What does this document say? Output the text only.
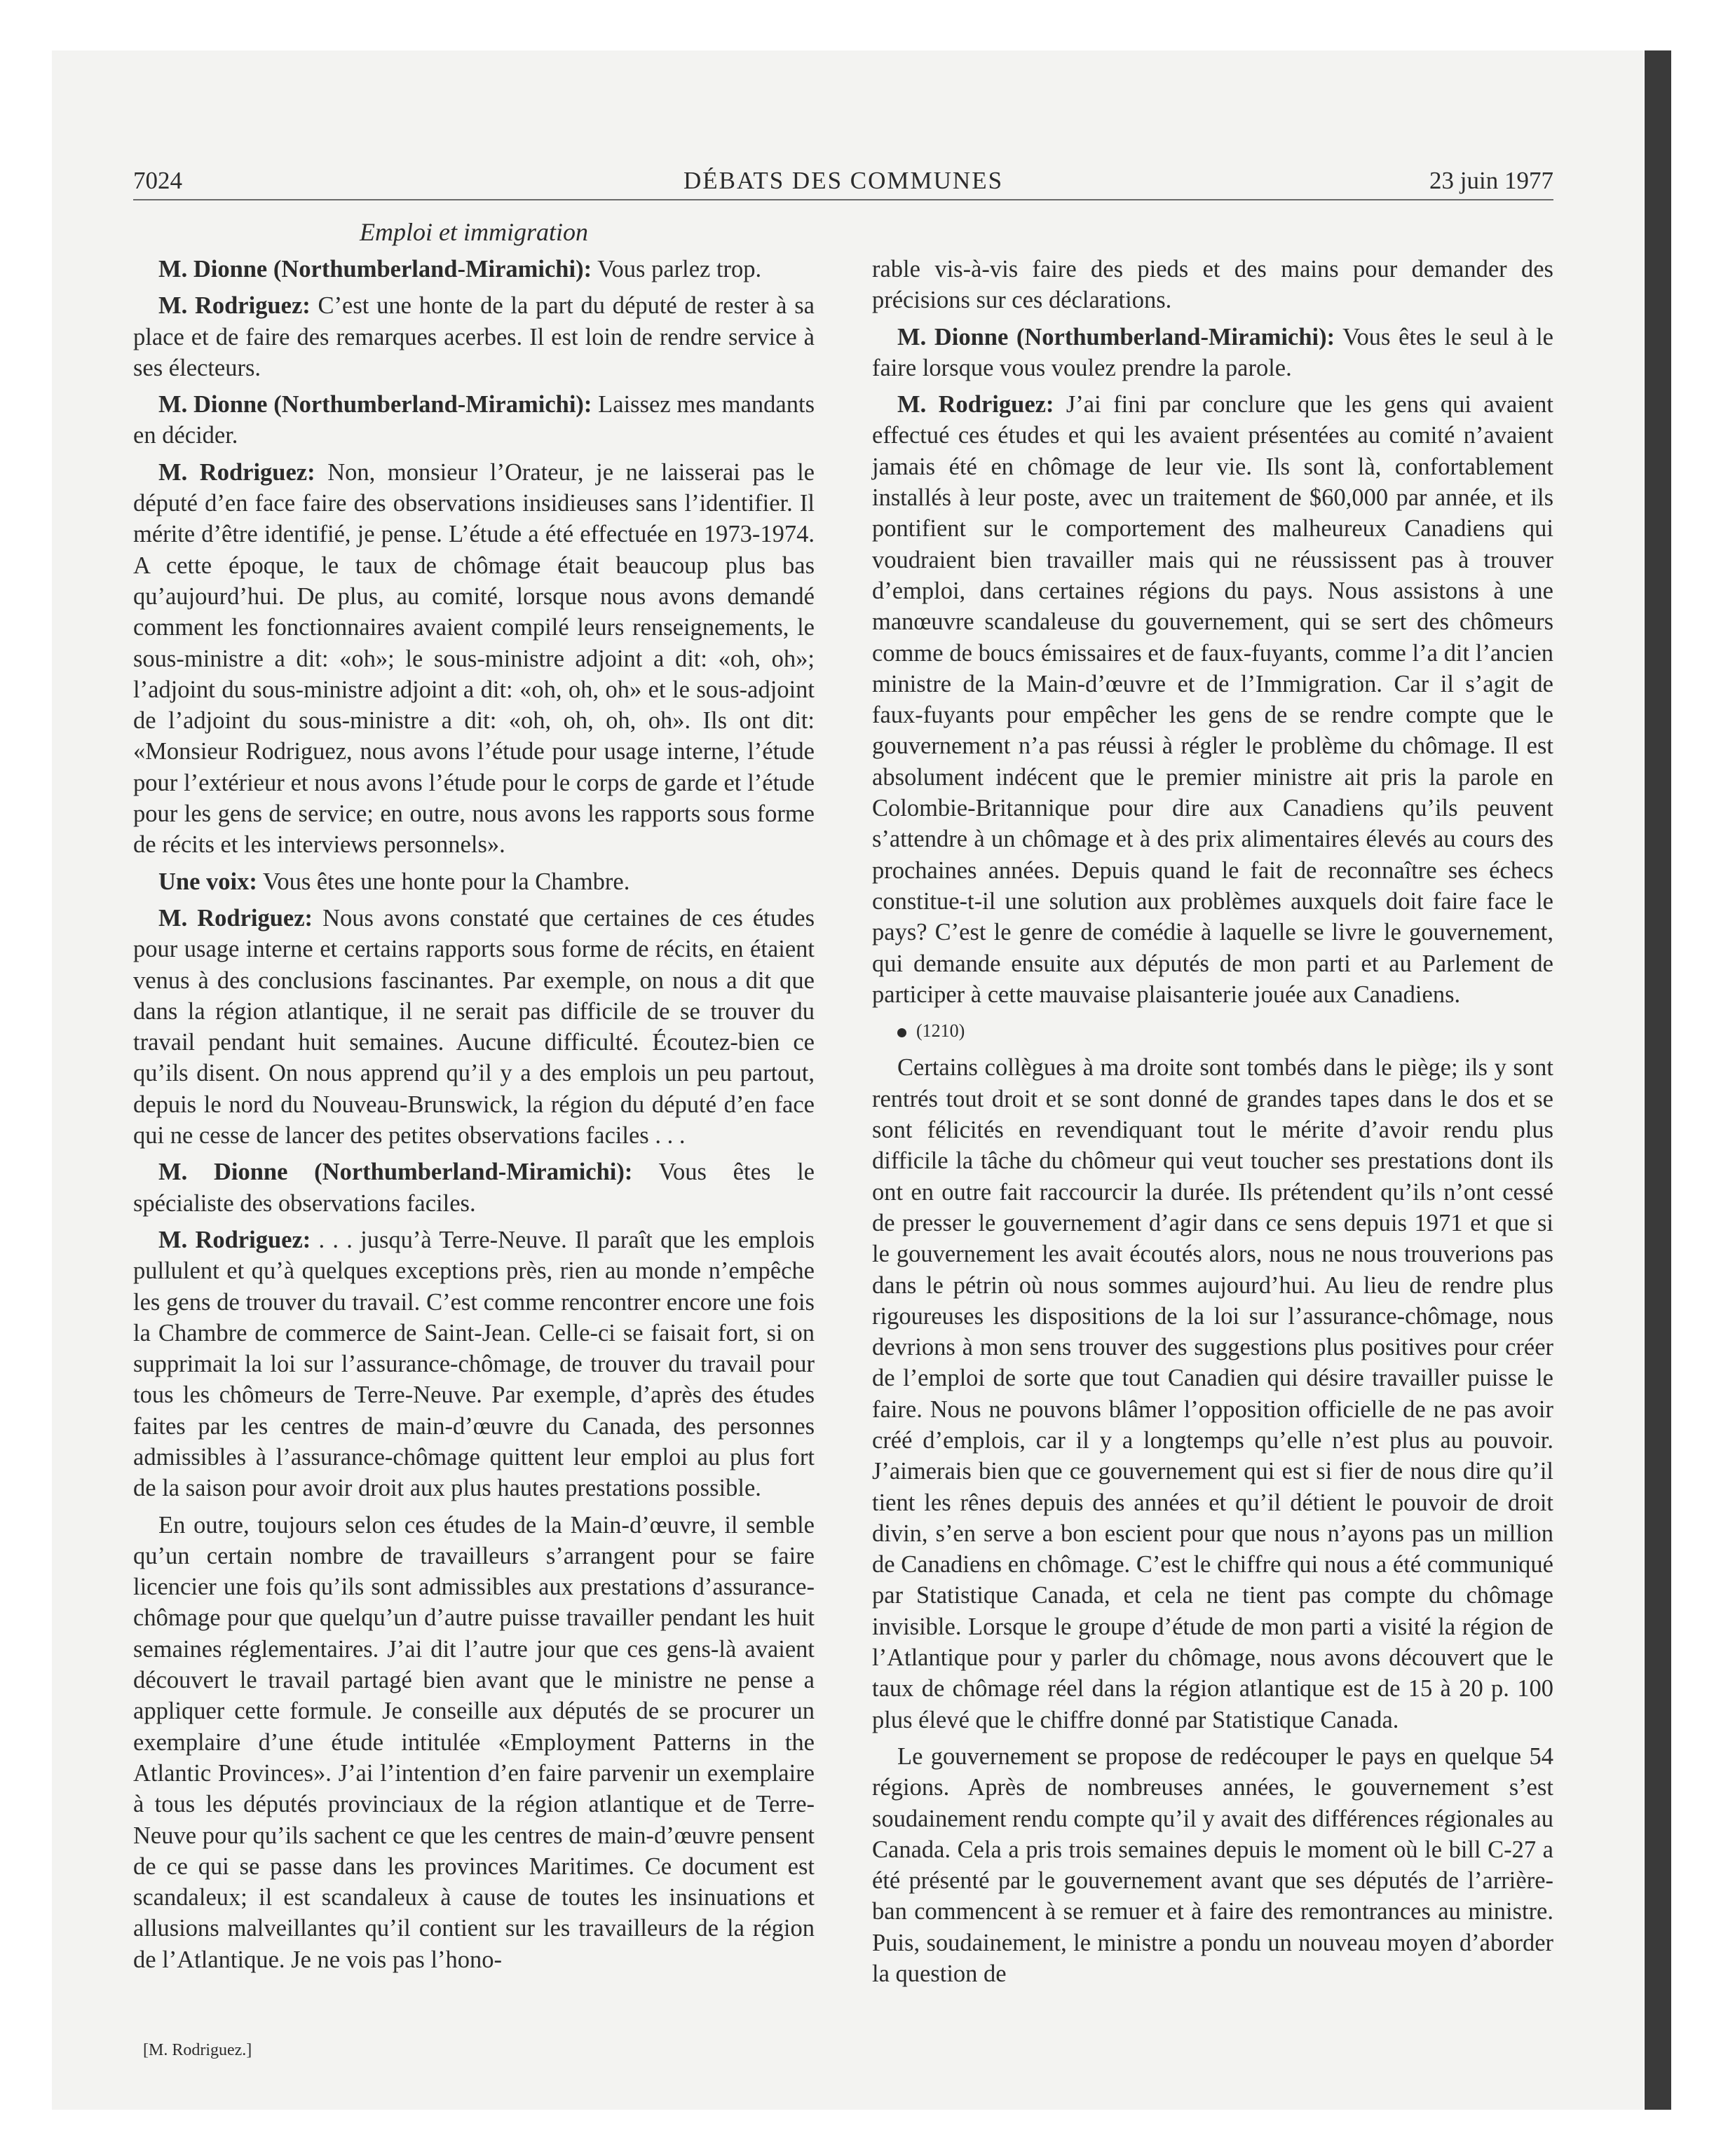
DÉBATS DES COMMUNES
7024	23 juin 1977
Emploi et immigration

M. Dionne (Northumberland-Miramichi): Vous parlez trop.

M. Rodriguez: C’est une honte de la part du député de rester à sa place et de faire des remarques acerbes. Il est loin de rendre service à ses électeurs.

M. Dionne (Northumberland-Miramichi): Laissez mes mandants en décider.

M. Rodriguez: Non, monsieur l’Orateur, je ne laisserai pas le député d’en face faire des observations insidieuses sans l’identifier. Il mérite d’être identifié, je pense. L’étude a été effectuée en 1973-1974. A cette époque, le taux de chômage était beaucoup plus bas qu’aujourd’hui. De plus, au comité, lorsque nous avons demandé comment les fonctionnaires avaient compilé leurs renseignements, le sous-ministre a dit: «oh»; le sous-ministre adjoint a dit: «oh, oh»; l’adjoint du sous-ministre adjoint a dit: «oh, oh, oh» et le sous-adjoint de l’adjoint du sous-ministre a dit: «oh, oh, oh, oh». Ils ont dit: «Monsieur Rodriguez, nous avons l’étude pour usage interne, l’étude pour l’extérieur et nous avons l’étude pour le corps de garde et l’étude pour les gens de service; en outre, nous avons les rapports sous forme de récits et les interviews personnels».

Une voix: Vous êtes une honte pour la Chambre.

M. Rodriguez: Nous avons constaté que certaines de ces études pour usage interne et certains rapports sous forme de récits, en étaient venus à des conclusions fascinantes. Par exemple, on nous a dit que dans la région atlantique, il ne serait pas difficile de se trouver du travail pendant huit semaines. Aucune difficulté. Écoutez-bien ce qu’ils disent. On nous apprend qu’il y a des emplois un peu partout, depuis le nord du Nouveau-Brunswick, la région du député d’en face qui ne cesse de lancer des petites observations faciles . . .

M. Dionne (Northumberland-Miramichi): Vous êtes le spécialiste des observations faciles.

M. Rodriguez: . . . jusqu’à Terre-Neuve. Il paraît que les emplois pullulent et qu’à quelques exceptions près, rien au monde n’empêche les gens de trouver du travail. C’est comme rencontrer encore une fois la Chambre de commerce de Saint-Jean. Celle-ci se faisait fort, si on supprimait la loi sur l’assurance-chômage, de trouver du travail pour tous les chômeurs de Terre-Neuve. Par exemple, d’après des études faites par les centres de main-d’œuvre du Canada, des personnes admissibles à l’assurance-chômage quittent leur emploi au plus fort de la saison pour avoir droit aux plus hautes prestations possible.

En outre, toujours selon ces études de la Main-d’œuvre, il semble qu’un certain nombre de travailleurs s’arrangent pour se faire licencier une fois qu’ils sont admissibles aux prestations d’assurance-chômage pour que quelqu’un d’autre puisse travailler pendant les huit semaines réglementaires. J’ai dit l’autre jour que ces gens-là avaient découvert le travail partagé bien avant que le ministre ne pense a appliquer cette formule. Je conseille aux députés de se procurer un exemplaire d’une étude intitulée «Employment Patterns in the Atlantic Provinces». J’ai l’intention d’en faire parvenir un exemplaire à tous les députés provinciaux de la région atlantique et de Terre-Neuve pour qu’ils sachent ce que les centres de main-d’œuvre pensent de ce qui se passe dans les provinces Maritimes. Ce document est scandaleux; il est scandaleux à cause de toutes les insinuations et allusions malveillantes qu’il contient sur les travailleurs de la région de l’Atlantique. Je ne vois pas l’hono-

rable vis-à-vis faire des pieds et des mains pour demander des précisions sur ces déclarations.

M. Dionne (Northumberland-Miramichi): Vous êtes le seul à le faire lorsque vous voulez prendre la parole.

M. Rodriguez: J’ai fini par conclure que les gens qui avaient effectué ces études et qui les avaient présentées au comité n’avaient jamais été en chômage de leur vie. Ils sont là, confortablement installés à leur poste, avec un traitement de $60,000 par année, et ils pontifient sur le comportement des malheureux Canadiens qui voudraient bien travailler mais qui ne réussissent pas à trouver d’emploi, dans certaines régions du pays. Nous assistons à une manœuvre scandaleuse du gouvernement, qui se sert des chômeurs comme de boucs émissaires et de faux-fuyants, comme l’a dit l’ancien ministre de la Main-d’œuvre et de l’Immigration. Car il s’agit de faux-fuyants pour empêcher les gens de se rendre compte que le gouvernement n’a pas réussi à régler le problème du chômage. Il est absolument indécent que le premier ministre ait pris la parole en Colombie-Britannique pour dire aux Canadiens qu’ils peuvent s’attendre à un chômage et à des prix alimentaires élevés au cours des prochaines années. Depuis quand le fait de reconnaître ses échecs constitue-t-il une solution aux problèmes auxquels doit faire face le pays? C’est le genre de comédie à laquelle se livre le gouvernement, qui demande ensuite aux députés de mon parti et au Parlement de participer à cette mauvaise plaisanterie jouée aux Canadiens.

(1210)

Certains collègues à ma droite sont tombés dans le piège; ils y sont rentrés tout droit et se sont donné de grandes tapes dans le dos et se sont félicités en revendiquant tout le mérite d’avoir rendu plus difficile la tâche du chômeur qui veut toucher ses prestations dont ils ont en outre fait raccourcir la durée. Ils prétendent qu’ils n’ont cessé de presser le gouvernement d’agir dans ce sens depuis 1971 et que si le gouvernement les avait écoutés alors, nous ne nous trouverions pas dans le pétrin où nous sommes aujourd’hui. Au lieu de rendre plus rigoureuses les dispositions de la loi sur l’assurance-chômage, nous devrions à mon sens trouver des suggestions plus positives pour créer de l’emploi de sorte que tout Canadien qui désire travailler puisse le faire. Nous ne pouvons blâmer l’opposition officielle de ne pas avoir créé d’emplois, car il y a longtemps qu’elle n’est plus au pouvoir. J’aimerais bien que ce gouvernement qui est si fier de nous dire qu’il tient les rênes depuis des années et qu’il détient le pouvoir de droit divin, s’en serve a bon escient pour que nous n’ayons pas un million de Canadiens en chômage. C’est le chiffre qui nous a été communiqué par Statistique Canada, et cela ne tient pas compte du chômage invisible. Lorsque le groupe d’étude de mon parti a visité la région de l’Atlantique pour y parler du chômage, nous avons découvert que le taux de chômage réel dans la région atlantique est de 15 à 20 p. 100 plus élevé que le chiffre donné par Statistique Canada.

Le gouvernement se propose de redécouper le pays en quelque 54 régions. Après de nombreuses années, le gouvernement s’est soudainement rendu compte qu’il y avait des différences régionales au Canada. Cela a pris trois semaines depuis le moment où le bill C-27 a été présenté par le gouvernement avant que ses députés de l’arrière-ban commencent à se remuer et à faire des remontrances au ministre. Puis, soudainement, le ministre a pondu un nouveau moyen d’aborder la question de

[M. Rodriguez.]
